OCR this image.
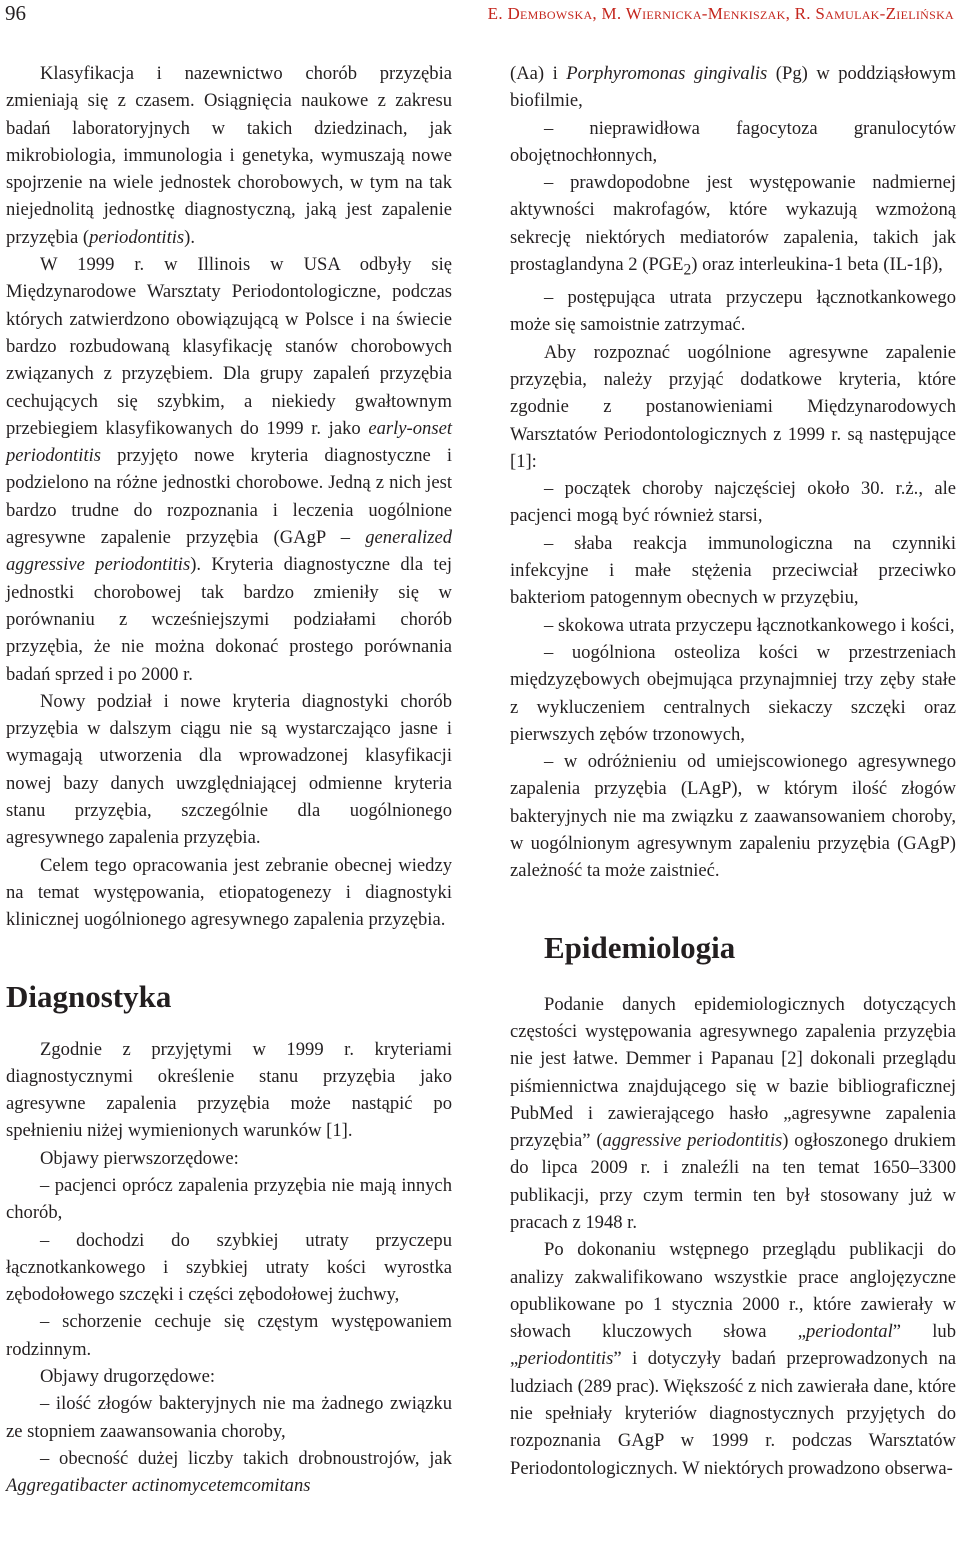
96	E. Dembowska, M. Wiernicka-Menkiszak, R. Samulak-Zielińska

Klasyfikacja i nazewnictwo chorób przyzębia zmieniają się z czasem. Osiągnięcia naukowe z zakresu badań laboratoryjnych w takich dziedzinach, jak mikrobiologia, immunologia i genetyka, wymuszają nowe spojrzenie na wiele jednostek chorobowych, w tym na tak niejednolitą jednostkę diagnostyczną, jaką jest zapalenie przyzębia (periodontitis).

W 1999 r. w Illinois w USA odbyły się Międzynarodowe Warsztaty Periodontologiczne, podczas których zatwierdzono obowiązującą w Polsce i na świecie bardzo rozbudowaną klasyfikację stanów chorobowych związanych z przyzębiem. Dla grupy zapaleń przyzębia cechujących się szybkim, a niekiedy gwałtownym przebiegiem klasyfikowanych do 1999 r. jako early-onset periodontitis przyjęto nowe kryteria diagnostyczne i podzielono na różne jednostki chorobowe. Jedną z nich jest bardzo trudne do rozpoznania i leczenia uogólnione agresywne zapalenie przyzębia (GAgP – generalized aggressive periodontitis). Kryteria diagnostyczne dla tej jednostki chorobowej tak bardzo zmieniły się w porównaniu z wcześniejszymi podziałami chorób przyzębia, że nie można dokonać prostego porównania badań sprzed i po 2000 r.

Nowy podział i nowe kryteria diagnostyki chorób przyzębia w dalszym ciągu nie są wystarczająco jasne i wymagają utworzenia dla wprowadzonej klasyfikacji nowej bazy danych uwzględniającej odmienne kryteria stanu przyzębia, szczególnie dla uogólnionego agresywnego zapalenia przyzębia.

Celem tego opracowania jest zebranie obecnej wiedzy na temat występowania, etiopatogenezy i diagnostyki klinicznej uogólnionego agresywnego zapalenia przyzębia.

Diagnostyka

Zgodnie z przyjętymi w 1999 r. kryteriami diagnostycznymi określenie stanu przyzębia jako agresywne zapalenia przyzębia może nastąpić po spełnieniu niżej wymienionych warunków [1].

Objawy pierwszorzędowe:

– pacjenci oprócz zapalenia przyzębia nie mają innych chorób,

– dochodzi do szybkiej utraty przyczepu łącznotkankowego i szybkiej utraty kości wyrostka zębodołowego szczęki i części zębodołowej żuchwy,

– schorzenie cechuje się częstym występowaniem rodzinnym.

Objawy drugorzędowe:

– ilość złogów bakteryjnych nie ma żadnego związku ze stopniem zaawansowania choroby,

– obecność dużej liczby takich drobnoustrojów, jak Aggregatibacter actinomycetemcomitans

(Aa) i Porphyromonas gingivalis (Pg) w poddziąsłowym biofilmie,

– nieprawidłowa fagocytoza granulocytów obojętnochłonnych,

– prawdopodobne jest występowanie nadmiernej aktywności makrofagów, które wykazują wzmożoną sekrecję niektórych mediatorów zapalenia, takich jak prostaglandyna 2 $(PGE_2)$ oraz interleukina-1 beta (IL-1β),

– postępująca utrata przyczepu łącznotkankowego może się samoistnie zatrzymać.

Aby rozpoznać uogólnione agresywne zapalenie przyzębia, należy przyjąć dodatkowe kryteria, które zgodnie z postanowieniami Międzynarodowych Warsztatów Periodontologicznych z 1999 r. są następujące [1]:

– początek choroby najczęściej około 30. r.ż., ale pacjenci mogą być również starsi,

– słaba reakcja immunologiczna na czynniki infekcyjne i małe stężenia przeciwciał przeciwko bakteriom patogennym obecnych w przyzębiu,

– skokowa utrata przyczepu łącznotkankowego i kości,

– uogólniona osteoliza kości w przestrzeniach międzyzębowych obejmująca przynajmniej trzy zęby stałe z wykluczeniem centralnych siekaczy szczęki oraz pierwszych zębów trzonowych,

– w odróżnieniu od umiejscowionego agresywnego zapalenia przyzębia (LAgP), w którym ilość złogów bakteryjnych nie ma związku z zaawansowaniem choroby, w uogólnionym agresywnym zapaleniu przyzębia (GAgP) zależność ta może zaistnieć.

Epidemiologia

Podanie danych epidemiologicznych dotyczących częstości występowania agresywnego zapalenia przyzębia nie jest łatwe. Demmer i Papanau [2] dokonali przeglądu piśmiennictwa znajdującego się w bazie bibliograficznej PubMed i zawierającego hasło „agresywne zapalenia przyzębia” (aggressive periodontitis) ogłoszonego drukiem do lipca 2009 r. i znaleźli na ten temat 1650–3300 publikacji, przy czym termin ten był stosowany już w pracach z 1948 r.

Po dokonaniu wstępnego przeglądu publikacji do analizy zakwalifikowano wszystkie prace anglojęzyczne opublikowane po 1 stycznia 2000 r., które zawierały w słowach kluczowych słowa „periodontal” lub „periodontitis” i dotyczyły badań przeprowadzonych na ludziach (289 prac). Większość z nich zawierała dane, które nie spełniały kryteriów diagnostycznych przyjętych do rozpoznania GAgP w 1999 r. podczas Warsztatów Periodontologicznych. W niektórych prowadzono obserwa-
